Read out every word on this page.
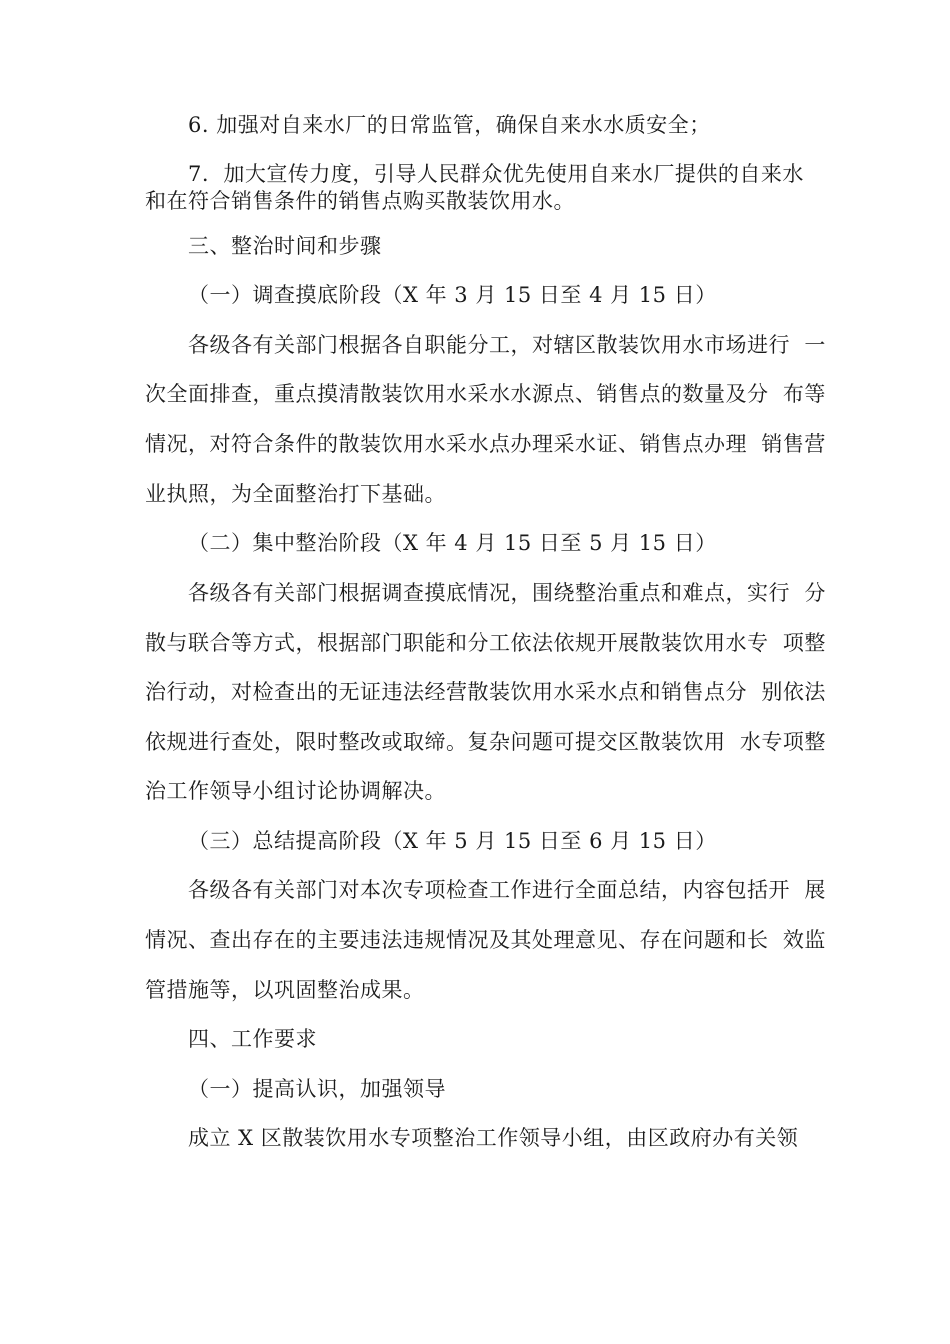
6. 加强对自来水厂的日常监管，确保自来水水质安全；
7.  加大宣传力度，引导人民群众优先使用自来水厂提供的自来水
和在符合销售条件的销售点购买散装饮用水。
三、整治时间和步骤
（一）调查摸底阶段（X 年 3 月 15 日至 4 月 15 日）
各级各有关部门根据各自职能分工，对辖区散装饮用水市场进行  一
次全面排查，重点摸清散装饮用水采水水源点、销售点的数量及分  布等
情况，对符合条件的散装饮用水采水点办理采水证、销售点办理  销售营
业执照，为全面整治打下基础。
（二）集中整治阶段（X 年 4 月 15 日至 5 月 15 日）
各级各有关部门根据调查摸底情况，围绕整治重点和难点，实行  分
散与联合等方式，根据部门职能和分工依法依规开展散装饮用水专  项整
治行动，对检查出的无证违法经营散装饮用水采水点和销售点分  别依法
依规进行查处，限时整改或取缔。复杂问题可提交区散装饮用  水专项整
治工作领导小组讨论协调解决。
（三）总结提高阶段（X 年 5 月 15 日至 6 月 15 日）
各级各有关部门对本次专项检查工作进行全面总结，内容包括开  展
情况、查出存在的主要违法违规情况及其处理意见、存在问题和长  效监
管措施等，以巩固整治成果。
四、工作要求
（一）提高认识，加强领导
成立 X 区散装饮用水专项整治工作领导小组，由区政府办有关领
